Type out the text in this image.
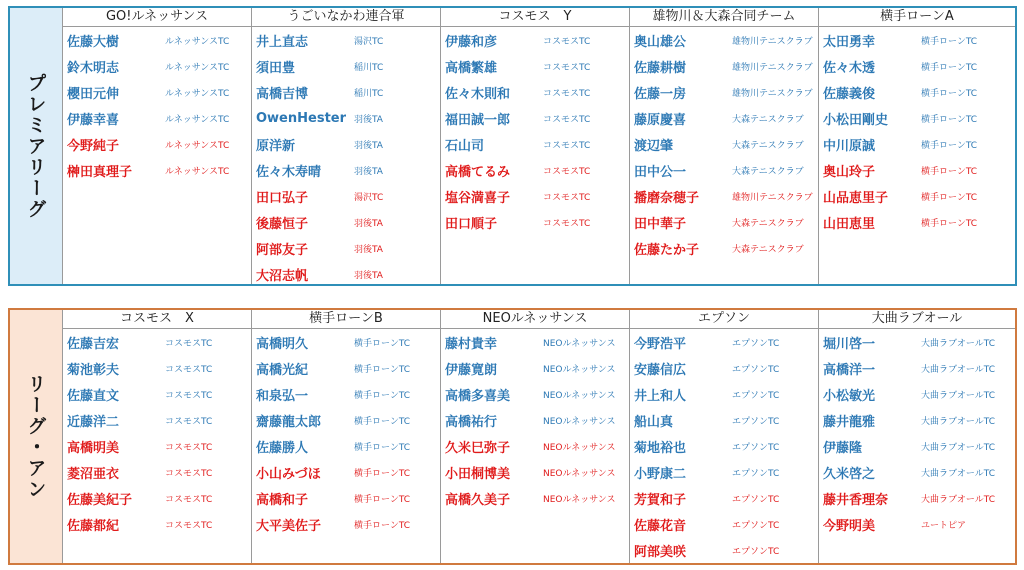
プレミアリーグ
GO!ルネッサンス
佐藤大樹	ルネッサンスTC
鈴木明志	ルネッサンスTC
櫻田元伸	ルネッサンスTC
伊藤幸喜	ルネッサンスTC
今野純子	ルネッサンスTC
榊田真理子	ルネッサンスTC
うごいなかわ連合軍
井上直志	湯沢TC
須田豊	稲川TC
高橋吉博	稲川TC
OwenHester 羽後TA
原洋新	羽後TA
佐々木寿晴	羽後TA
田口弘子	湯沢TC
後藤恒子	羽後TA
阿部友子	羽後TA
大沼志帆	羽後TA
コスモス　Y
伊藤和彦	コスモスTC
高橋繁雄	コスモスTC
佐々木則和	コスモスTC
福田誠一郎	コスモスTC
石山司	コスモスTC
高橋てるみ	コスモスTC
塩谷満喜子	コスモスTC
田口順子	コスモスTC
雄物川＆大森合同チーム
奥山雄公	雄物川テニスクラブ
佐藤耕樹	雄物川テニスクラブ
佐藤一房	雄物川テニスクラブ
藤原慶喜	大森テニスクラブ
渡辺肇	大森テニスクラブ
田中公一	大森テニスクラブ
播磨奈穂子	雄物川テニスクラブ
田中華子	大森テニスクラブ
佐藤たか子	大森テニスクラブ
横手ローンA
太田勇幸	横手ローンTC
佐々木透	横手ローンTC
佐藤義俊	横手ローンTC
小松田剛史	横手ローンTC
中川原誠	横手ローンTC
奥山玲子	横手ローンTC
山品恵里子	横手ローンTC
山田恵里	横手ローンTC
リーグ・アン
コスモス　X
佐藤吉宏	コスモスTC
菊池彰夫	コスモスTC
佐藤直文	コスモスTC
近藤洋二	コスモスTC
高橋明美	コスモスTC
菱沼亜衣	コスモスTC
佐藤美紀子	コスモスTC
佐藤都紀	コスモスTC
横手ローンB
高橋明久	横手ローンTC
高橋光紀	横手ローンTC
和泉弘一	横手ローンTC
齋藤龍太郎	横手ローンTC
佐藤勝人	横手ローンTC
小山みづほ	横手ローンTC
高橋和子	横手ローンTC
大平美佐子	横手ローンTC
NEOルネッサンス
藤村貴幸	NEOルネッサンス
伊藤寛朗	NEOルネッサンス
高橋多喜美	NEOルネッサンス
高橋祐行	NEOルネッサンス
久米巳弥子	NEOルネッサンス
小田桐博美	NEOルネッサンス
高橋久美子	NEOルネッサンス
エプソン
今野浩平	エプソンTC
安藤信広	エプソンTC
井上和人	エプソンTC
船山真	エプソンTC
菊地裕也	エプソンTC
小野康二	エプソンTC
芳賀和子	エプソンTC
佐藤花音	エプソンTC
阿部美咲	エプソンTC
大曲ラブオール
堀川啓一	大曲ラブオールTC
高橋洋一	大曲ラブオールTC
小松敏光	大曲ラブオールTC
藤井龍雅	大曲ラブオールTC
伊藤隆	大曲ラブオールTC
久米啓之	大曲ラブオールTC
藤井香理奈	大曲ラブオールTC
今野明美	ユートピア
